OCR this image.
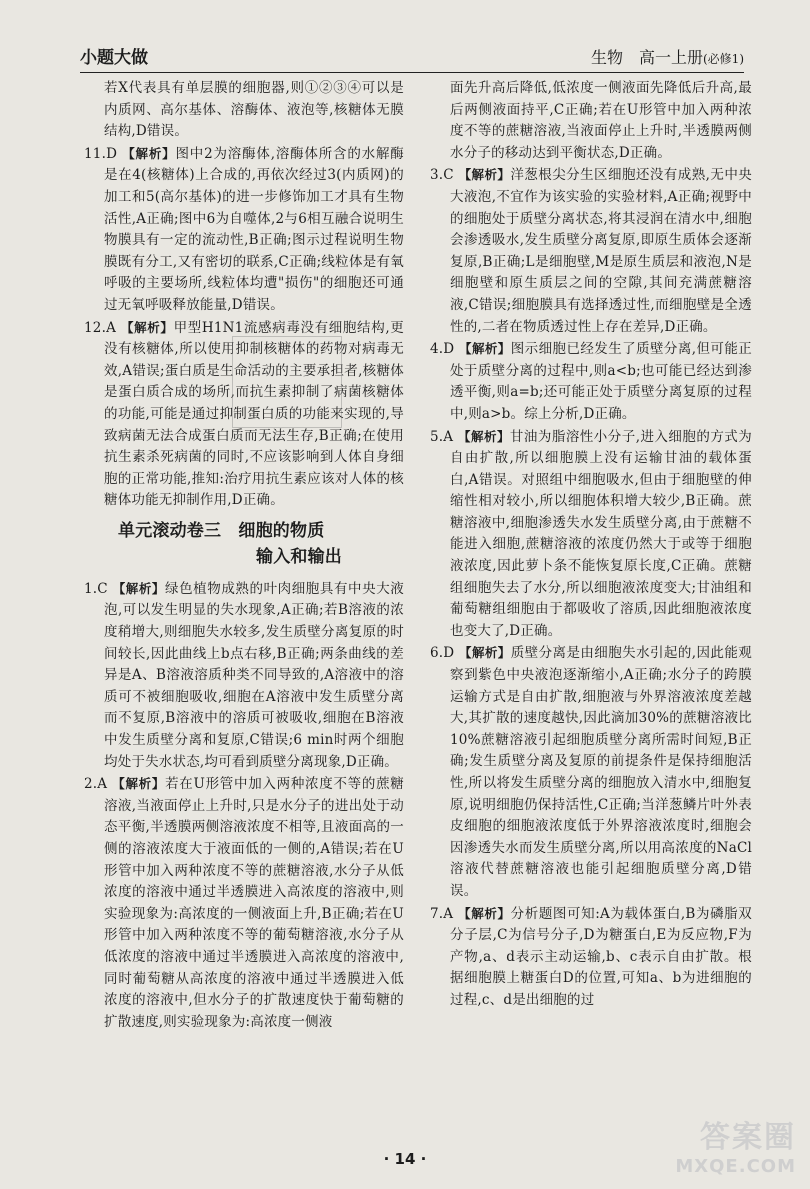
小题大做	生物　高一上册(必修1)

若X代表具有单层膜的细胞器,则①②③④可以是内质网、高尔基体、溶酶体、液泡等,核糖体无膜结构,D错误。

11.D 【解析】图中2为溶酶体,溶酶体所含的水解酶是在4(核糖体)上合成的,再依次经过3(内质网)的加工和5(高尔基体)的进一步修饰加工才具有生物活性,A正确;图中6为自噬体,2与6相互融合说明生物膜具有一定的流动性,B正确;图示过程说明生物膜既有分工,又有密切的联系,C正确;线粒体是有氧呼吸的主要场所,线粒体均遭"损伤"的细胞还可通过无氧呼吸释放能量,D错误。

12.A 【解析】甲型H1N1流感病毒没有细胞结构,更没有核糖体,所以使用抑制核糖体的药物对病毒无效,A错误;蛋白质是生命活动的主要承担者,核糖体是蛋白质合成的场所,而抗生素抑制了病菌核糖体的功能,可能是通过抑制蛋白质的功能来实现的,导致病菌无法合成蛋白质而无法生存,B正确;在使用抗生素杀死病菌的同时,不应该影响到人体自身细胞的正常功能,推知:治疗用抗生素应该对人体的核糖体功能无抑制作用,D正确。

单元滚动卷三　细胞的物质
输入和输出

1.C 【解析】绿色植物成熟的叶肉细胞具有中央大液泡,可以发生明显的失水现象,A正确;若B溶液的浓度稍增大,则细胞失水较多,发生质壁分离复原的时间较长,因此曲线上b点右移,B正确;两条曲线的差异是A、B溶液溶质种类不同导致的,A溶液中的溶质可不被细胞吸收,细胞在A溶液中发生质壁分离而不复原,B溶液中的溶质可被吸收,细胞在B溶液中发生质壁分离和复原,C错误;6 min时两个细胞均处于失水状态,均可看到质壁分离现象,D正确。

2.A 【解析】若在U形管中加入两种浓度不等的蔗糖溶液,当液面停止上升时,只是水分子的进出处于动态平衡,半透膜两侧溶液浓度不相等,且液面高的一侧的溶液浓度大于液面低的一侧的,A错误;若在U形管中加入两种浓度不等的蔗糖溶液,水分子从低浓度的溶液中通过半透膜进入高浓度的溶液中,则实验现象为:高浓度的一侧液面上升,B正确;若在U形管中加入两种浓度不等的葡萄糖溶液,水分子从低浓度的溶液中通过半透膜进入高浓度的溶液中,同时葡萄糖从高浓度的溶液中通过半透膜进入低浓度的溶液中,但水分子的扩散速度快于葡萄糖的扩散速度,则实验现象为:高浓度一侧液

面先升高后降低,低浓度一侧液面先降低后升高,最后两侧液面持平,C正确;若在U形管中加入两种浓度不等的蔗糖溶液,当液面停止上升时,半透膜两侧水分子的移动达到平衡状态,D正确。

3.C 【解析】洋葱根尖分生区细胞还没有成熟,无中央大液泡,不宜作为该实验的实验材料,A正确;视野中的细胞处于质壁分离状态,将其浸润在清水中,细胞会渗透吸水,发生质壁分离复原,即原生质体会逐渐复原,B正确;L是细胞壁,M是原生质层和液泡,N是细胞壁和原生质层之间的空隙,其间充满蔗糖溶液,C错误;细胞膜具有选择透过性,而细胞壁是全透性的,二者在物质透过性上存在差异,D正确。

4.D 【解析】图示细胞已经发生了质壁分离,但可能正处于质壁分离的过程中,则a<b;也可能已经达到渗透平衡,则a=b;还可能正处于质壁分离复原的过程中,则a>b。综上分析,D正确。

5.A 【解析】甘油为脂溶性小分子,进入细胞的方式为自由扩散,所以细胞膜上没有运输甘油的载体蛋白,A错误。对照组中细胞吸水,但由于细胞壁的伸缩性相对较小,所以细胞体积增大较少,B正确。蔗糖溶液中,细胞渗透失水发生质壁分离,由于蔗糖不能进入细胞,蔗糖溶液的浓度仍然大于或等于细胞液浓度,因此萝卜条不能恢复原长度,C正确。蔗糖组细胞失去了水分,所以细胞液浓度变大;甘油组和葡萄糖组细胞由于都吸收了溶质,因此细胞液浓度也变大了,D正确。

6.D 【解析】质壁分离是由细胞失水引起的,因此能观察到紫色中央液泡逐渐缩小,A正确;水分子的跨膜运输方式是自由扩散,细胞液与外界溶液浓度差越大,其扩散的速度越快,因此滴加30%的蔗糖溶液比10%蔗糖溶液引起细胞质壁分离所需时间短,B正确;发生质壁分离及复原的前提条件是保持细胞活性,所以将发生质壁分离的细胞放入清水中,细胞复原,说明细胞仍保持活性,C正确;当洋葱鳞片叶外表皮细胞的细胞液浓度低于外界溶液浓度时,细胞会因渗透失水而发生质壁分离,所以用高浓度的NaCl溶液代替蔗糖溶液也能引起细胞质壁分离,D错误。

7.A 【解析】分析题图可知:A为载体蛋白,B为磷脂双分子层,C为信号分子,D为糖蛋白,E为反应物,F为产物,a、d表示主动运输,b、c表示自由扩散。根据细胞膜上糖蛋白D的位置,可知a、b为进细胞的过程,c、d是出细胞的过

· 14 ·
答案圈
MXQE.COM
